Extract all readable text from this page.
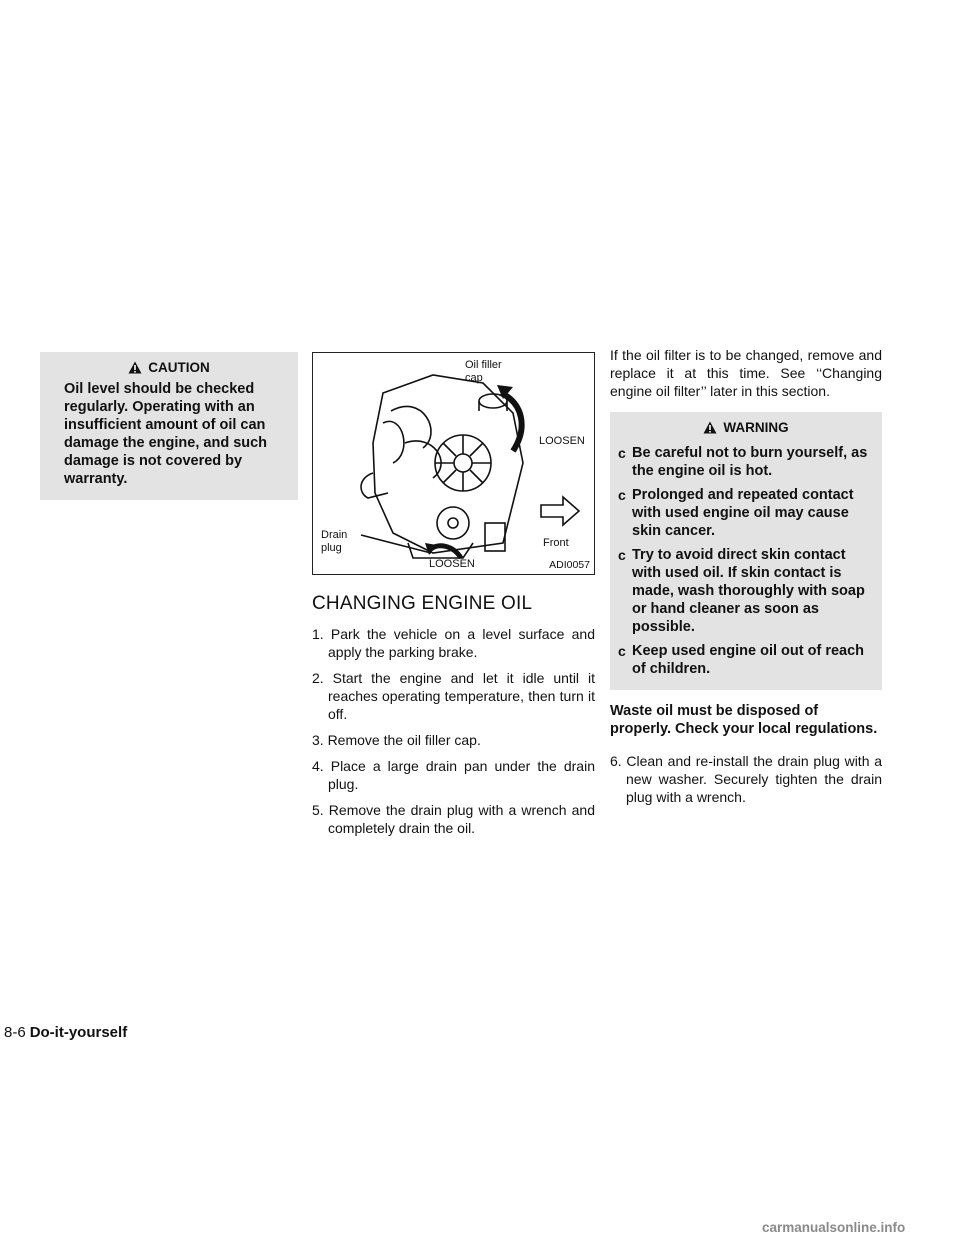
CAUTION
Oil level should be checked regularly. Operating with an insufficient amount of oil can damage the engine, and such damage is not covered by warranty.
Oil filler
cap
LOOSEN
Drain
plug
LOOSEN
Front
ADI0057
CHANGING ENGINE OIL
1. Park the vehicle on a level surface and apply the parking brake.
2. Start the engine and let it idle until it reaches operating temperature, then turn it off.
3. Remove the oil filler cap.
4. Place a large drain pan under the drain plug.
5. Remove the drain plug with a wrench and completely drain the oil.

If the oil filter is to be changed, remove and replace it at this time. See ‘‘Changing engine oil filter’’ later in this section.

WARNING
c Be careful not to burn yourself, as the engine oil is hot.
c Prolonged and repeated contact with used engine oil may cause skin cancer.
c Try to avoid direct skin contact with used oil. If skin contact is made, wash thoroughly with soap or hand cleaner as soon as possible.
c Keep used engine oil out of reach of children.

Waste oil must be disposed of properly. Check your local regulations.

6. Clean and re-install the drain plug with a new washer. Securely tighten the drain plug with a wrench.

8-6 Do-it-yourself
carmanualsonline.info
